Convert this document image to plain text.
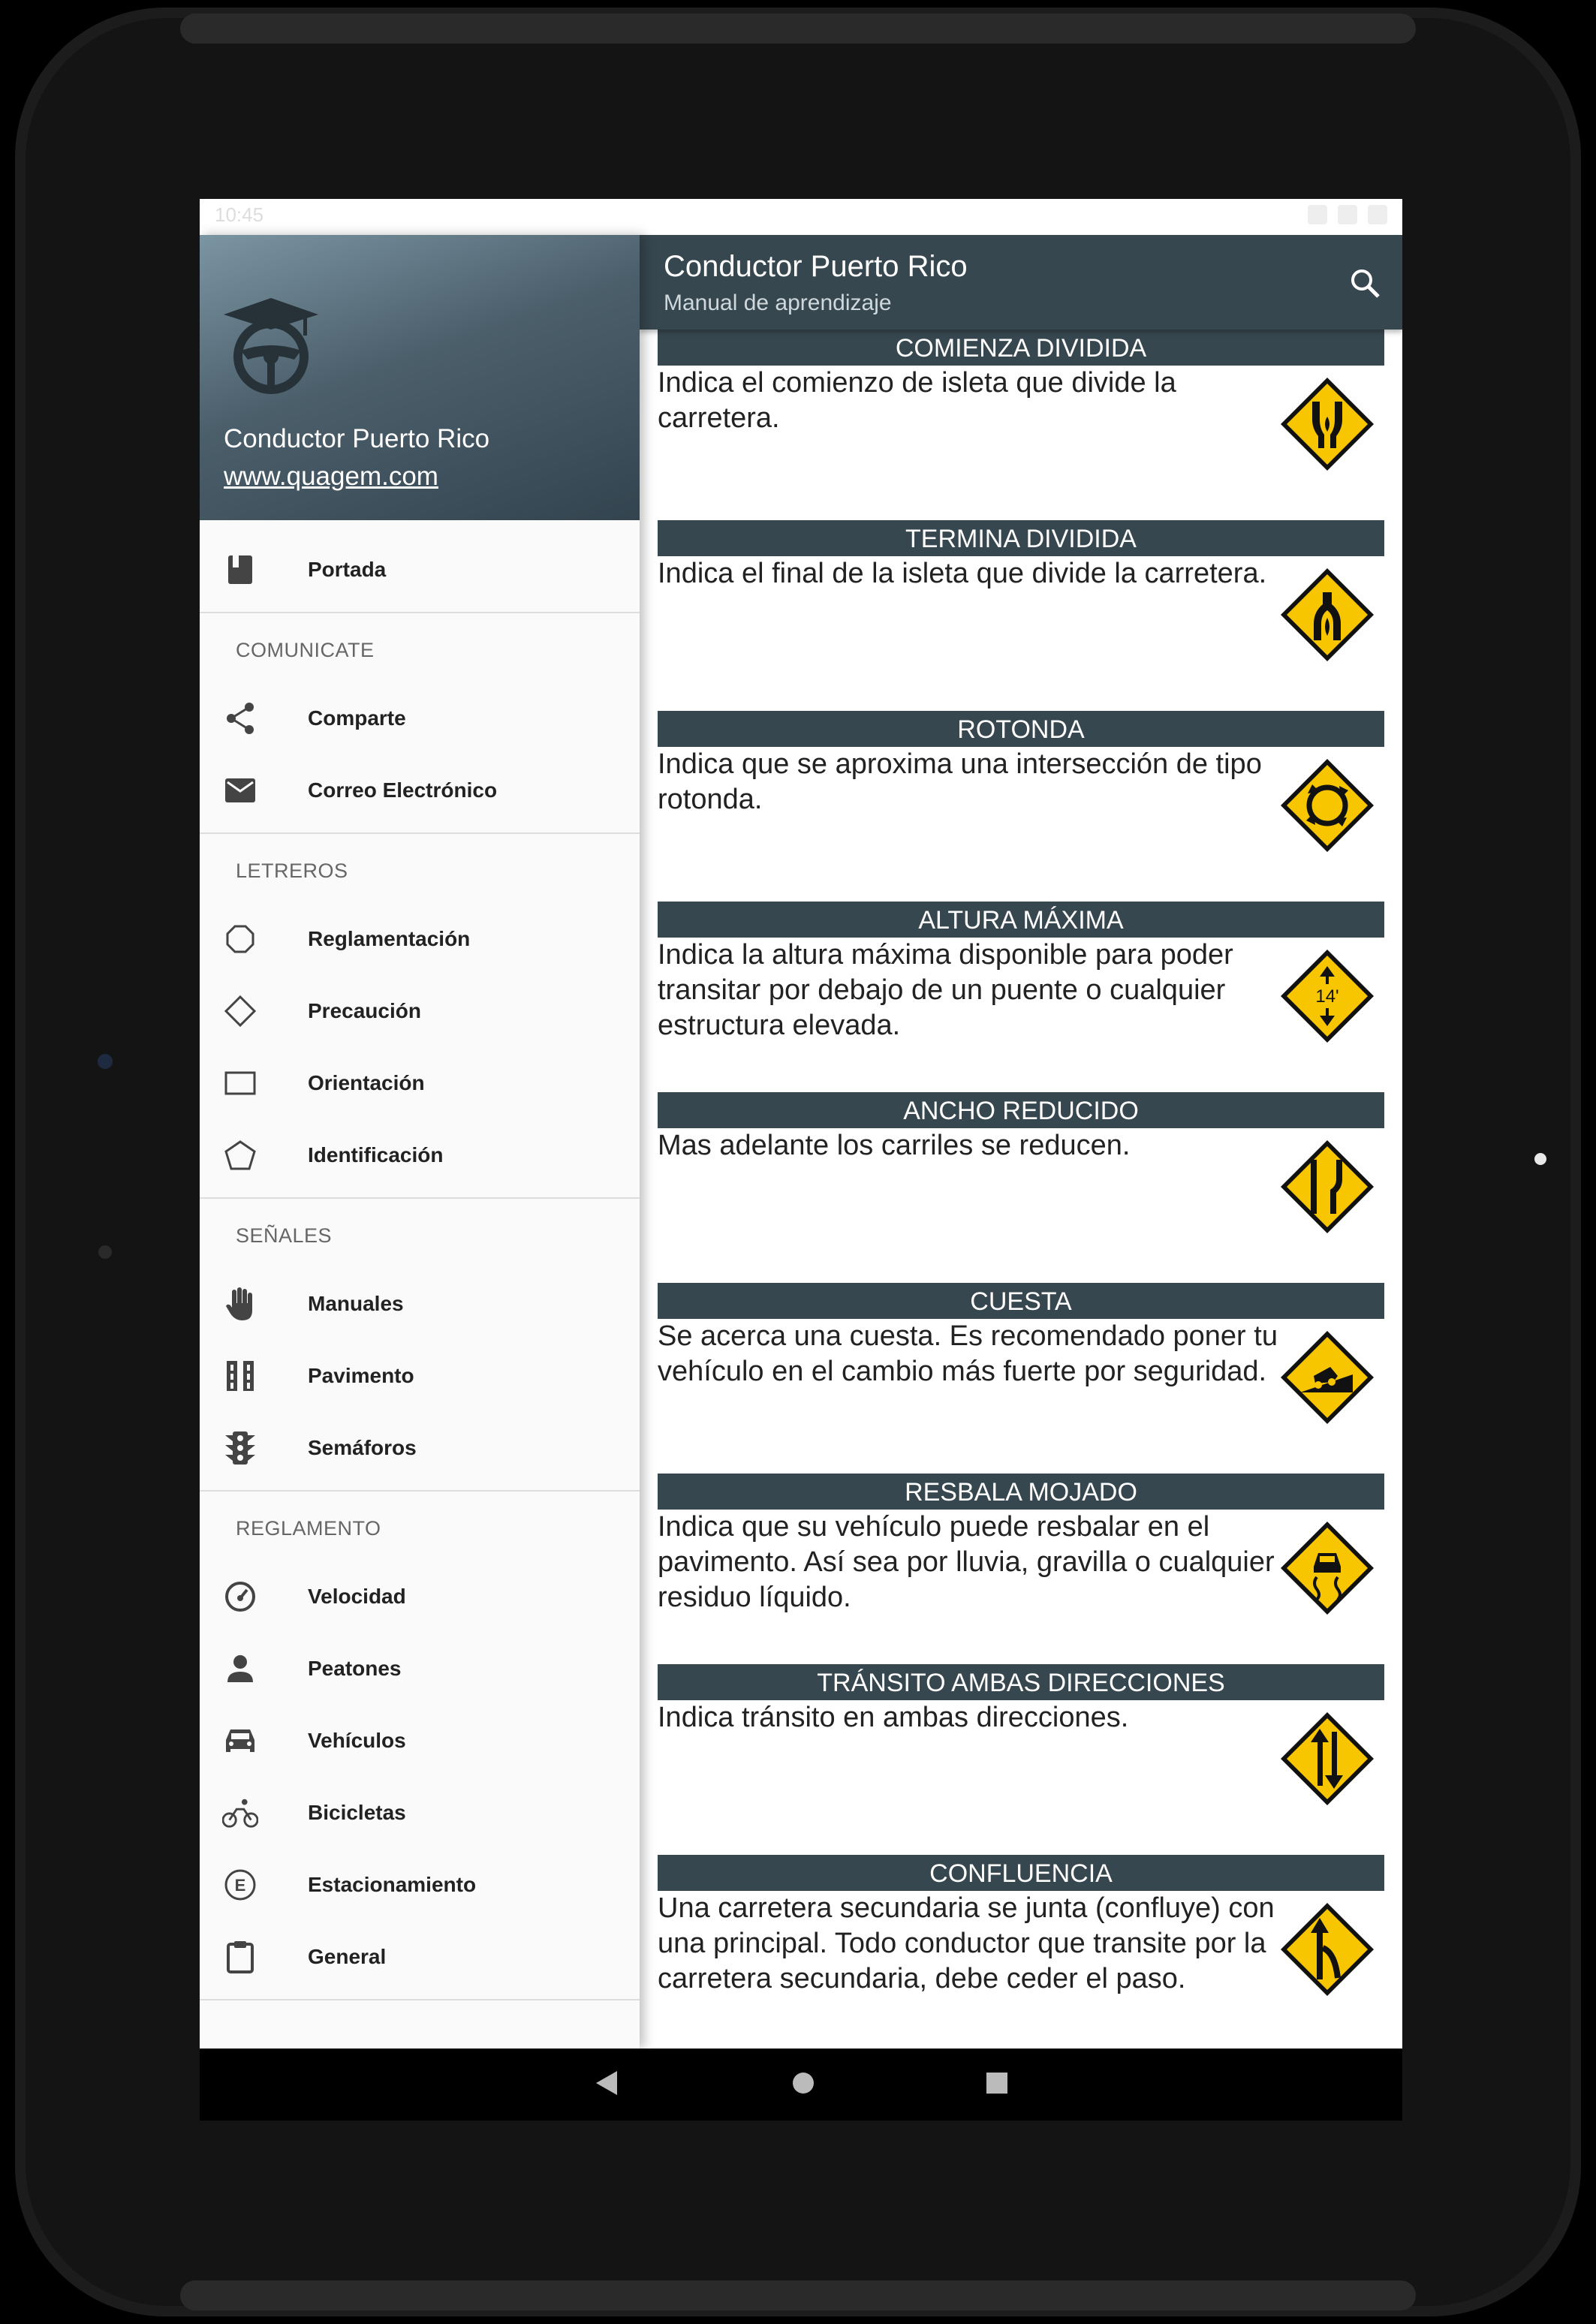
10:45
Conductor Puerto Rico
www.quagem.com
Portada
COMUNICATE
Comparte
Correo Electrónico
LETREROS
Reglamentación
Precaución
Orientación
Identificación
SEÑALES
Manuales
Pavimento
Semáforos
REGLAMENTO
Velocidad
Peatones
Vehículos
Bicicletas
E	Estacionamiento
General
Conductor Puerto Rico
Manual de aprendizaje
COMIENZA DIVIDIDA
Indica el comienzo de isleta que divide la carretera.
TERMINA DIVIDIDA
Indica el final de la isleta que divide la carretera.
ROTONDA
Indica que se aproxima una intersección de tipo rotonda.
ALTURA MÁXIMA
Indica la altura máxima disponible para poder transitar por debajo de un puente o cualquier estructura elevada.
14'
ANCHO REDUCIDO
Mas adelante los carriles se reducen.
CUESTA
Se acerca una cuesta. Es recomendado poner tu vehículo en el cambio más fuerte por seguridad.
RESBALA MOJADO
Indica que su vehículo puede resbalar en el pavimento. Así sea por lluvia, gravilla o cualquier residuo líquido.
TRÁNSITO AMBAS DIRECCIONES
Indica tránsito en ambas direcciones.
CONFLUENCIA
Una carretera secundaria se junta (confluye) con una principal. Todo conductor que transite por la carretera secundaria, debe ceder el paso.
